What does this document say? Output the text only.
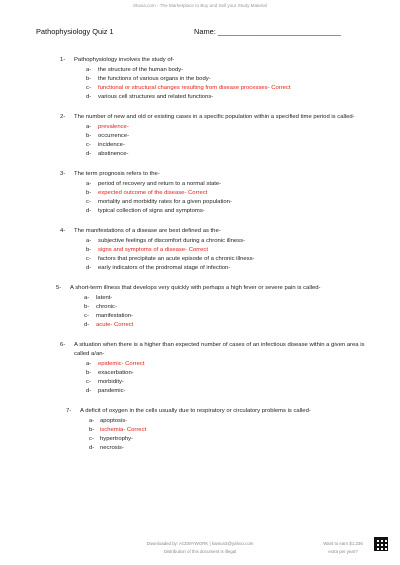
Stuvia.com - The Marketplace to Buy and Sell your Study Material
Pathophysiology Quiz 1	Name: ______________________________
1- Pathophysiology involves the study of-
a- the structure of the human body-
b- the functions of various organs in the body-
c- functional or structural changes resulting from disease processes- Correct
d- various cell structures and related functions-
2- The number of new and old or existing cases in a specific population within a specified time period is called-
a- prevalence-
b- occurrence-
c- incidence-
d- abstinence-
3- The term prognosis refers to the-
a- period of recovery and return to a normal state-
b- expected outcome of the disease- Correct
c- mortality and morbidity rates for a given population-
d- typical collection of signs and symptoms-
4- The manifestations of a disease are best defined as the-
a- subjective feelings of discomfort during a chronic illness-
b- signs and symptoms of a disease- Correct
c- factors that precipitate an acute episode of a chronic illness-
d- early indicators of the prodromal stage of infection-
5- A short-term illness that develops very quickly with perhaps a high fever or severe pain is called-
a- latent-
b- chronic-
c- manifestation-
d- acute- Correct
6- A situation when there is a higher than expected number of cases of an infectious disease within a given area is called a/an-
a- epidemic- Correct
b- exacerbation-
c- morbidity-
d- pandemic-
7- A deficit of oxygen in the cells usually due to respiratory or circulatory problems is called-
a- apoptosis-
b- ischemia- Correct
c- hypertrophy-
d- necrosis-
Downloaded by: ACEMYWORK | kamun3@yahoo.com
Distribution of this document is illegal
Want to earn $1.236
extra per year?
